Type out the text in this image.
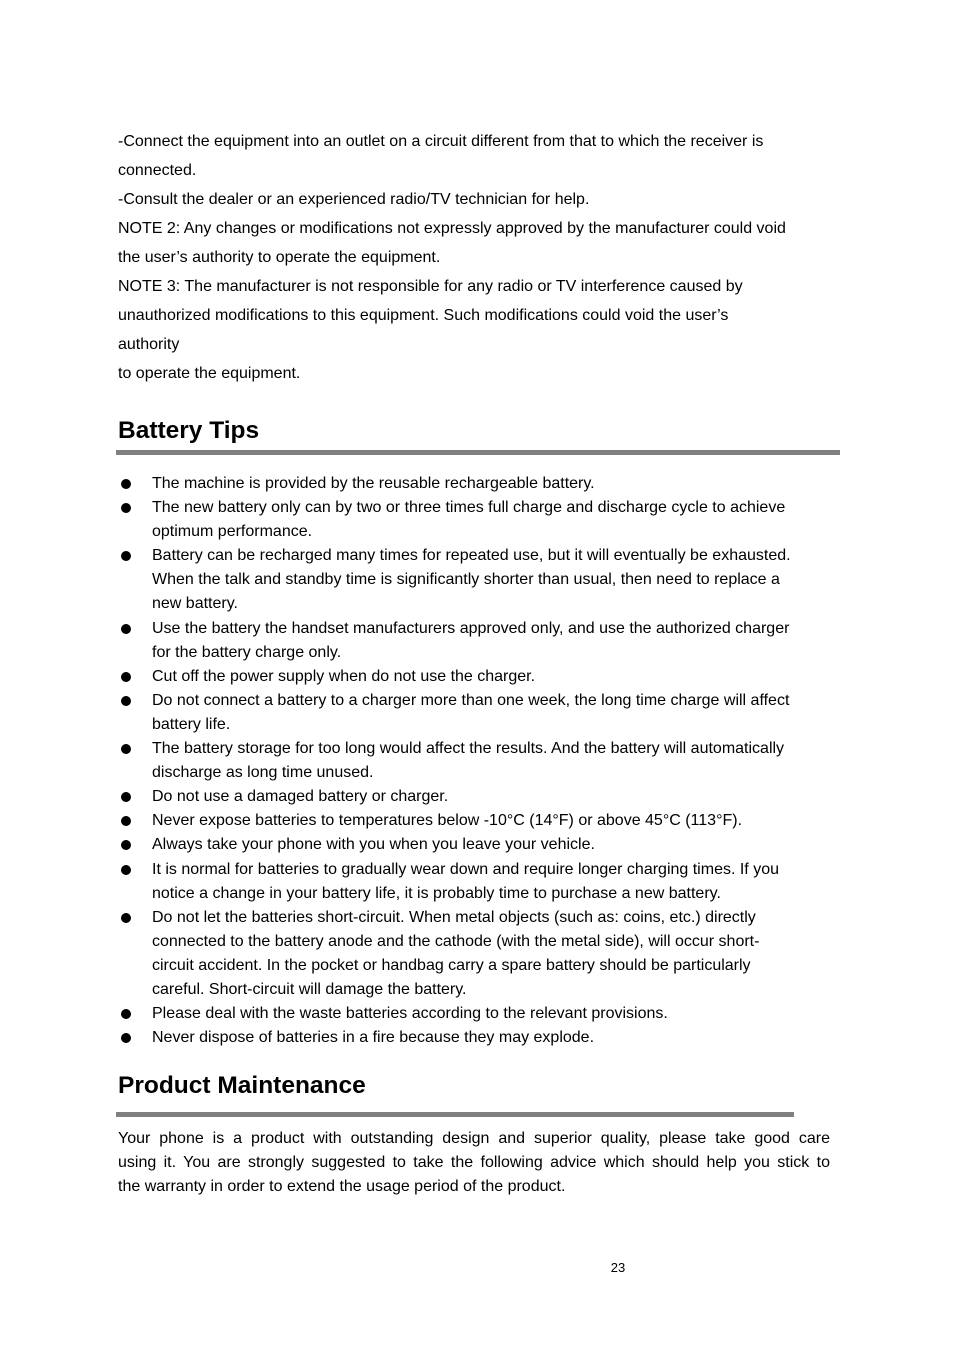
-Connect the equipment into an outlet on a circuit different from that to which the receiver is

connected.

-Consult the dealer or an experienced radio/TV technician for help.

NOTE 2: Any changes or modifications not expressly approved by the manufacturer could void

the user’s authority to operate the equipment.

NOTE 3: The manufacturer is not responsible for any radio or TV interference caused by

unauthorized modifications to this equipment. Such modifications could void the user’s

authority

to operate the equipment.

Battery Tips
The machine is provided by the reusable rechargeable battery.
The new battery only can by two or three times full charge and discharge cycle to achieve
optimum performance.
Battery can be recharged many times for repeated use, but it will eventually be exhausted.
When the talk and standby time is significantly shorter than usual, then need to replace a
new battery.
Use the battery the handset manufacturers approved only, and use the authorized charger
for the battery charge only.
Cut off the power supply when do not use the charger.
Do not connect a battery to a charger more than one week, the long time charge will affect
battery life.
The battery storage for too long would affect the results. And the battery will automatically
discharge as long time unused.
Do not use a damaged battery or charger.
Never expose batteries to temperatures below -10°C (14°F) or above 45°C (113°F).
Always take your phone with you when you leave your vehicle.
It is normal for batteries to gradually wear down and require longer charging times. If you
notice a change in your battery life, it is probably time to purchase a new battery.
Do not let the batteries short-circuit. When metal objects (such as: coins, etc.) directly
connected to the battery anode and the cathode (with the metal side), will occur short-
circuit accident. In the pocket or handbag carry a spare battery should be particularly
careful. Short-circuit will damage the battery.
Please deal with the waste batteries according to the relevant provisions.
Never dispose of batteries in a fire because they may explode.
Product Maintenance

Your phone is a product with outstanding design and superior quality, please take good care
using it. You are strongly suggested to take the following advice which should help you stick to
the warranty in order to extend the usage period of the product.

23
